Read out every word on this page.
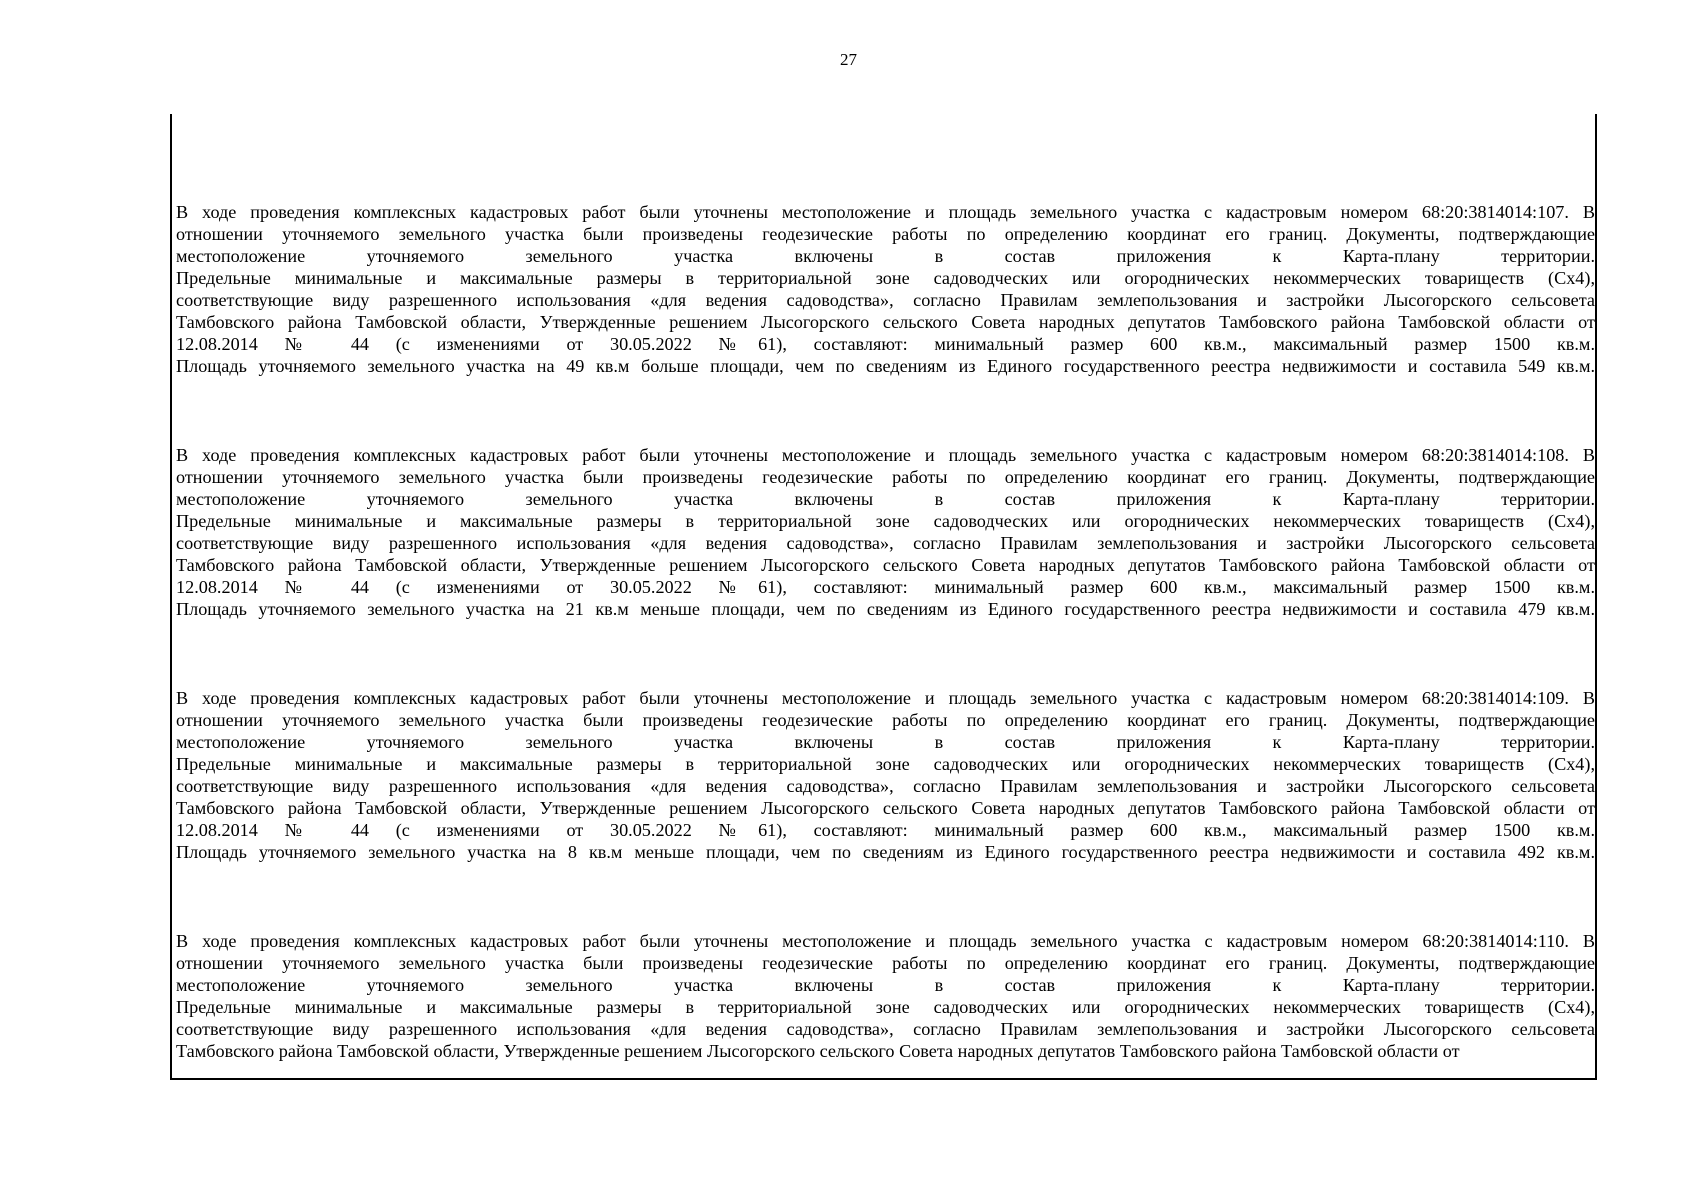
27
В ходе проведения комплексных кадастровых работ были уточнены местоположение и площадь земельного участка с кадастровым номером 68:20:3814014:107. В
отношении уточняемого земельного участка были произведены геодезические работы по определению координат его границ. Документы, подтверждающие
местоположение уточняемого земельного участка включены в состав приложения к Карта-плану территории.
Предельные минимальные и максимальные размеры в территориальной зоне садоводческих или огороднических некоммерческих товариществ (Сх4),
соответствующие виду разрешенного использования «для ведения садоводства», согласно Правилам землепользования и застройки Лысогорского сельсовета
Тамбовского района Тамбовской области, Утвержденные решением Лысогорского сельского Совета народных депутатов Тамбовского района Тамбовской области от
12.08.2014 № 44 (с изменениями от 30.05.2022 №61), составляют: минимальный размер 600 кв.м., максимальный размер 1500 кв.м.
Площадь уточняемого земельного участка на 49 кв.м больше площади, чем по сведениям из Единого государственного реестра недвижимости и составила 549 кв.м.
В ходе проведения комплексных кадастровых работ были уточнены местоположение и площадь земельного участка с кадастровым номером 68:20:3814014:108. В
отношении уточняемого земельного участка были произведены геодезические работы по определению координат его границ. Документы, подтверждающие
местоположение уточняемого земельного участка включены в состав приложения к Карта-плану территории.
Предельные минимальные и максимальные размеры в территориальной зоне садоводческих или огороднических некоммерческих товариществ (Сх4),
соответствующие виду разрешенного использования «для ведения садоводства», согласно Правилам землепользования и застройки Лысогорского сельсовета
Тамбовского района Тамбовской области, Утвержденные решением Лысогорского сельского Совета народных депутатов Тамбовского района Тамбовской области от
12.08.2014 № 44 (с изменениями от 30.05.2022 №61), составляют: минимальный размер 600 кв.м., максимальный размер 1500 кв.м.
Площадь уточняемого земельного участка на 21 кв.м меньше площади, чем по сведениям из Единого государственного реестра недвижимости и составила 479 кв.м.
В ходе проведения комплексных кадастровых работ были уточнены местоположение и площадь земельного участка с кадастровым номером 68:20:3814014:109. В
отношении уточняемого земельного участка были произведены геодезические работы по определению координат его границ. Документы, подтверждающие
местоположение уточняемого земельного участка включены в состав приложения к Карта-плану территории.
Предельные минимальные и максимальные размеры в территориальной зоне садоводческих или огороднических некоммерческих товариществ (Сх4),
соответствующие виду разрешенного использования «для ведения садоводства», согласно Правилам землепользования и застройки Лысогорского сельсовета
Тамбовского района Тамбовской области, Утвержденные решением Лысогорского сельского Совета народных депутатов Тамбовского района Тамбовской области от
12.08.2014 № 44 (с изменениями от 30.05.2022 №61), составляют: минимальный размер 600 кв.м., максимальный размер 1500 кв.м.
Площадь уточняемого земельного участка на 8 кв.м меньше площади, чем по сведениям из Единого государственного реестра недвижимости и составила 492 кв.м.
В ходе проведения комплексных кадастровых работ были уточнены местоположение и площадь земельного участка с кадастровым номером 68:20:3814014:110. В
отношении уточняемого земельного участка были произведены геодезические работы по определению координат его границ. Документы, подтверждающие
местоположение уточняемого земельного участка включены в состав приложения к Карта-плану территории.
Предельные минимальные и максимальные размеры в территориальной зоне садоводческих или огороднических некоммерческих товариществ (Сх4),
соответствующие виду разрешенного использования «для ведения садоводства», согласно Правилам землепользования и застройки Лысогорского сельсовета
Тамбовского района Тамбовской области, Утвержденные решением Лысогорского сельского Совета народных депутатов Тамбовского района Тамбовской области от
